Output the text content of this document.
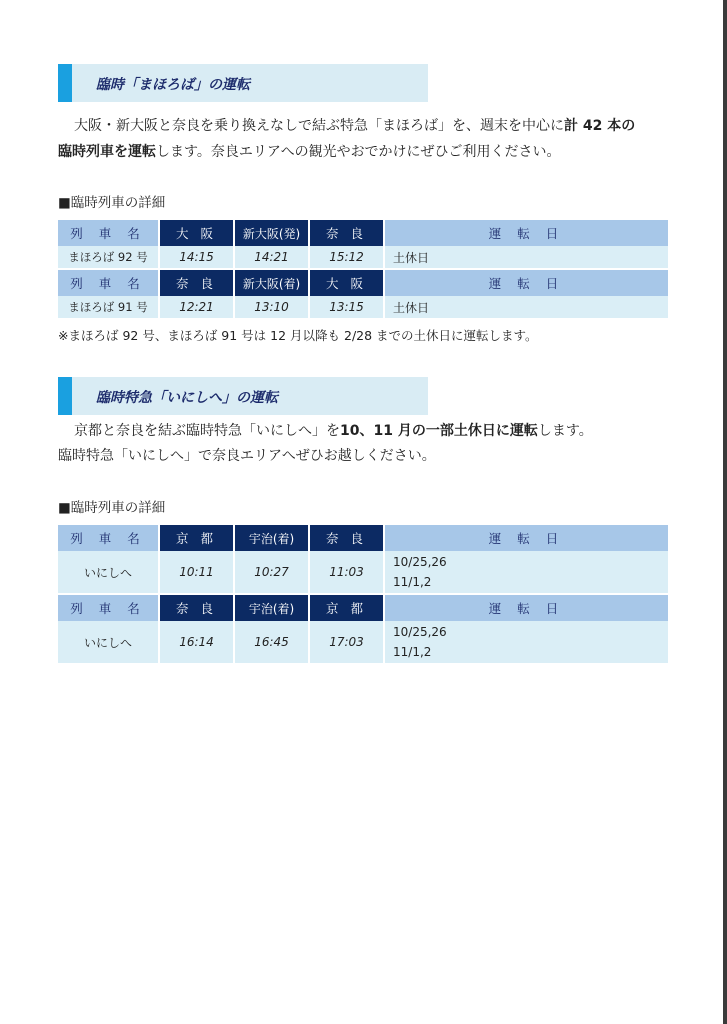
臨時「まほろば」の運転
大阪・新大阪と奈良を乗り換えなしで結ぶ特急「まほろば」を、週末を中心に計 42 本の
臨時列車を運転します。奈良エリアへの観光やおでかけにぜひご利用ください。
■臨時列車の詳細
列 車 名	大 阪	新大阪(発)	奈 良	運 転 日
まほろば 92 号	14:15	14:21	15:12	土休日
列 車 名	奈 良	新大阪(着)	大 阪	運 転 日
まほろば 91 号	12:21	13:10	13:15	土休日
※まほろば 92 号、まほろば 91 号は 12 月以降も 2/28 までの土休日に運転します。
臨時特急「いにしへ」の運転
京都と奈良を結ぶ臨時特急「いにしへ」を10、11 月の一部土休日に運転します。
臨時特急「いにしへ」で奈良エリアへぜひお越しください。
■臨時列車の詳細
列 車 名	京 都	宇治(着)	奈 良	運 転 日
いにしへ	10:11	10:27	11:03	10/25,26
11/1,2

列 車 名	奈 良	宇治(着)	京 都	運 転 日
いにしへ	16:14	16:45	17:03	10/25,26
11/1,2
